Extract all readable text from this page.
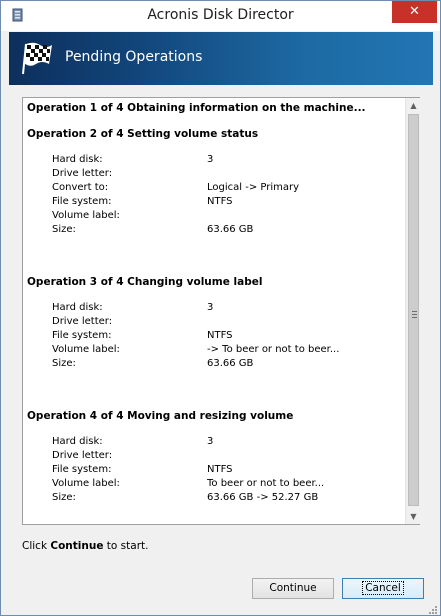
Acronis Disk Director	✕
Pending Operations
Operation 1 of 4 Obtaining information on the machine...
Operation 2 of 4 Setting volume status
Hard disk:	3
Drive letter:
Convert to:	Logical -> Primary
File system:	NTFS
Volume label:
Size:	63.66 GB
Operation 3 of 4 Changing volume label
Hard disk:	3
Drive letter:
File system:	NTFS
Volume label:	-> To beer or not to beer...
Size:	63.66 GB
Operation 4 of 4 Moving and resizing volume
Hard disk:	3
Drive letter:
File system:	NTFS
Volume label:	To beer or not to beer...
Size:	63.66 GB -> 52.27 GB
▲
▼
Click Continue to start.
Continue	Cancel
